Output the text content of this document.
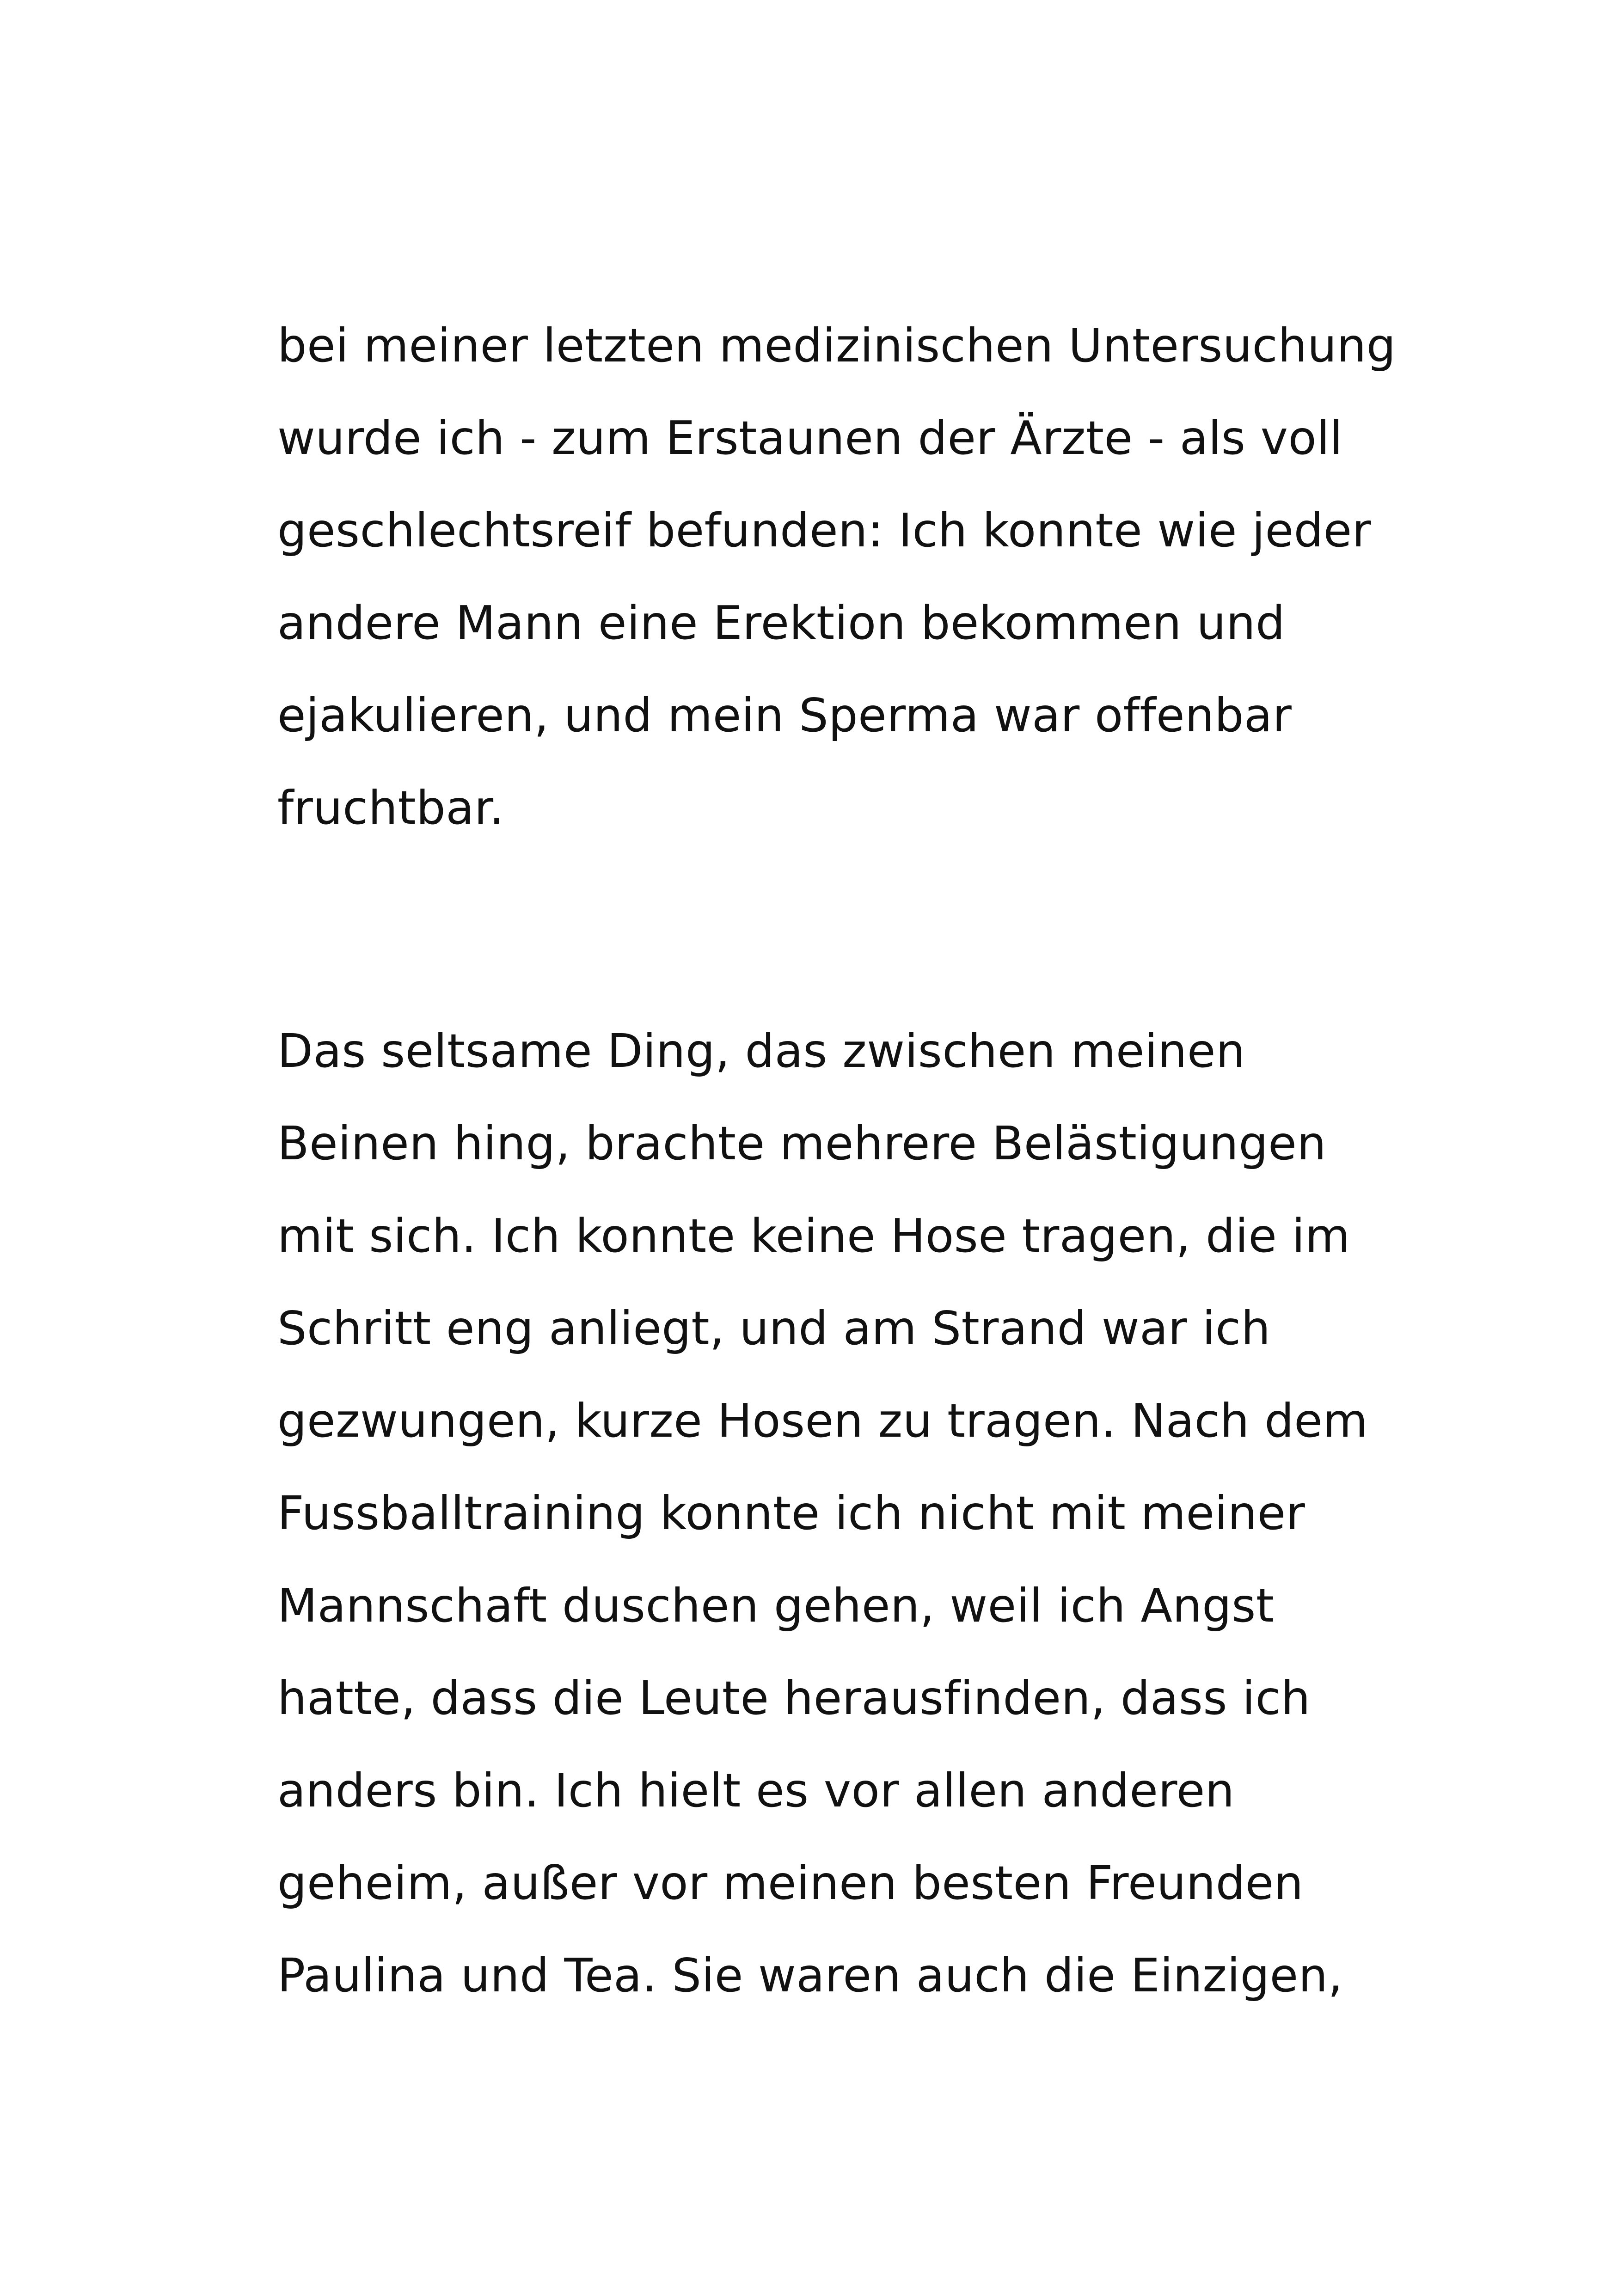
bei meiner letzten medizinischen Untersuchung
wurde ich - zum Erstaunen der Ärzte - als voll
geschlechtsreif befunden: Ich konnte wie jeder
andere Mann eine Erektion bekommen und
ejakulieren, und mein Sperma war offenbar
fruchtbar.

Das seltsame Ding, das zwischen meinen
Beinen hing, brachte mehrere Belästigungen
mit sich. Ich konnte keine Hose tragen, die im
Schritt eng anliegt, und am Strand war ich
gezwungen, kurze Hosen zu tragen. Nach dem
Fussballtraining konnte ich nicht mit meiner
Mannschaft duschen gehen, weil ich Angst
hatte, dass die Leute herausfinden, dass ich
anders bin. Ich hielt es vor allen anderen
geheim, außer vor meinen besten Freunden
Paulina und Tea. Sie waren auch die Einzigen,
